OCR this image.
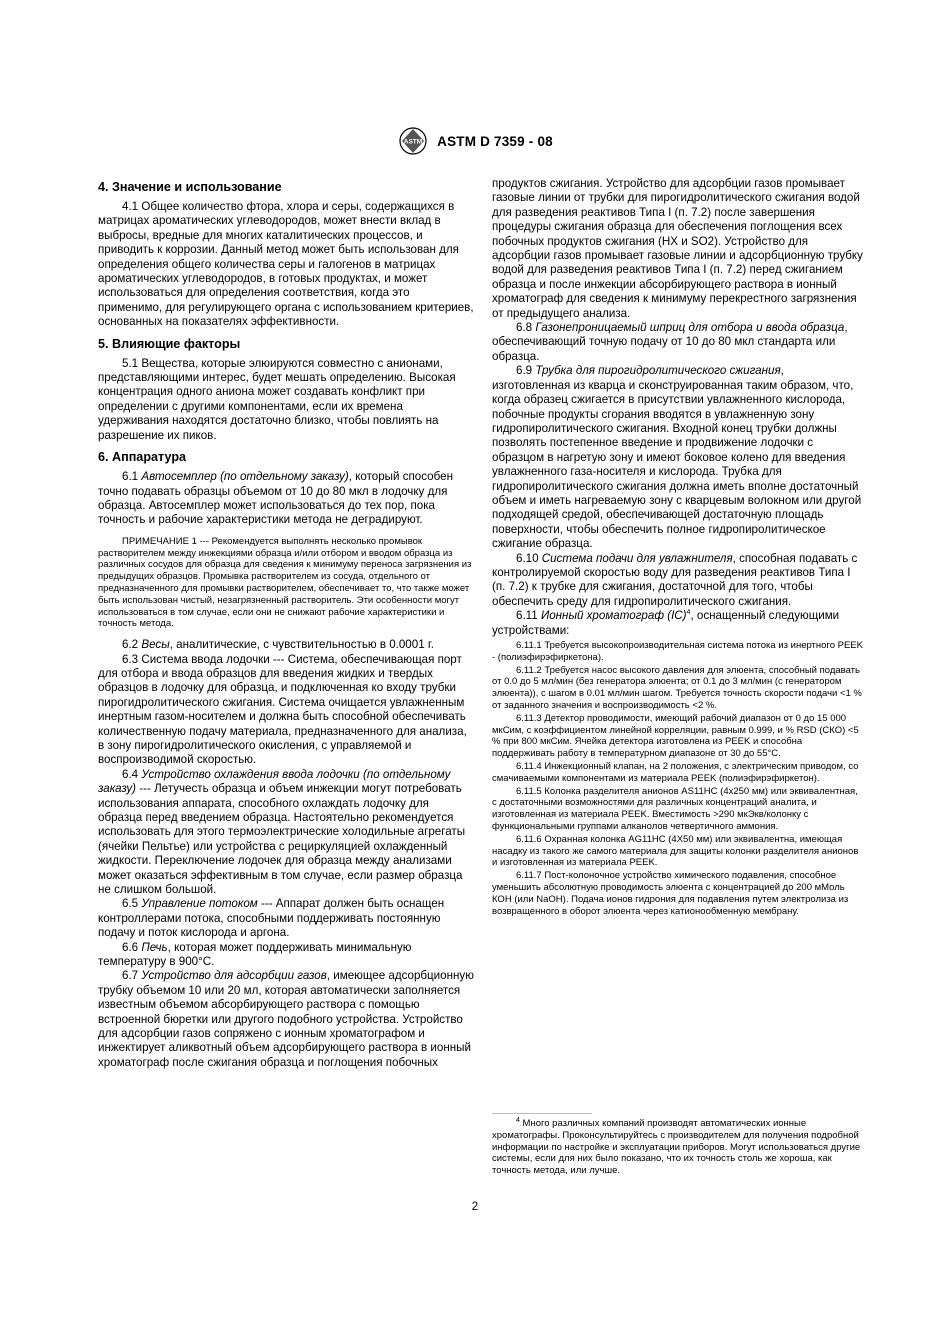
ASTM ASTM D 7359 - 08
4. Значение и использование

4.1 Общее количество фтора, хлора и серы, содержащихся в матрицах ароматических углеводородов, может внести вклад в выбросы, вредные для многих каталитических процессов, и приводить к коррозии. Данный метод может быть использован для определения общего количества серы и галогенов в матрицах ароматических углеводородов, в готовых продуктах, и может использоваться для определения соответствия, когда это применимо, для регулирующего органа с использованием критериев, основанных на показателях эффективности.

5. Влияющие факторы

5.1 Вещества, которые элюируются совместно с анионами, представляющими интерес, будет мешать определению. Высокая концентрация одного аниона может создавать конфликт при определении с другими компонентами, если их времена удерживания находятся достаточно близко, чтобы повлиять на разрешение их пиков.

6. Аппаратура

6.1 Автосемплер (по отдельному заказу), который способен точно подавать образцы объемом от 10 до 80 мкл в лодочку для образца. Автосемплер может использоваться до тех пор, пока точность и рабочие характеристики метода не деградируют.

ПРИМЕЧАНИЕ 1 --- Рекомендуется выполнять несколько промывок растворителем между инжекциями образца и/или отбором и вводом образца из различных сосудов для образца для сведения к минимуму переноса загрязнения из предыдущих образцов. Промывка растворителем из сосуда, отдельного от предназначенного для промывки растворителем, обеспечивает то, что также может быть использован чистый, незагрязненный растворитель. Эти особенности могут использоваться в том случае, если они не снижают рабочие характеристики и точность метода.

6.2 Весы, аналитические, с чувствительностью в 0.0001 г.

6.3 Система ввода лодочки --- Система, обеспечивающая порт для отбора и ввода образцов для введения жидких и твердых образцов в лодочку для образца, и подключенная ко входу трубки пирогидролитического сжигания. Система очищается увлажненным инертным газом-носителем и должна быть способной обеспечивать количественную подачу материала, предназначенного для анализа, в зону пирогидролитического окисления, с управляемой и воспроизводимой скоростью.

6.4 Устройство охлаждения ввода лодочки (по отдельному заказу) --- Летучесть образца и объем инжекции могут потребовать использования аппарата, способного охлаждать лодочку для образца перед введением образца. Настоятельно рекомендуется использовать для этого термоэлектрические холодильные агрегаты (ячейки Пельтье) или устройства с рециркуляцией охлажденный жидкости. Переключение лодочек для образца между анализами может оказаться эффективным в том случае, если размер образца не слишком большой.

6.5 Управление потоком --- Аппарат должен быть оснащен контроллерами потока, способными поддерживать постоянную подачу и поток кислорода и аргона.

6.6 Печь, которая может поддерживать минимальную температуру в 900°C.

6.7 Устройство для адсорбции газов, имеющее адсорбционную трубку объемом 10 или 20 мл, которая автоматически заполняется известным объемом абсорбирующего раствора с помощью встроенной бюретки или другого подобного устройства. Устройство для адсорбции газов сопряжено с ионным хроматографом и инжектирует аликвотный объем адсорбирующего раствора в ионный хроматограф после сжигания образца и поглощения побочных

продуктов сжигания. Устройство для адсорбции газов промывает газовые линии от трубки для пирогидролитического сжигания водой для разведения реактивов Типа I (п. 7.2) после завершения процедуры сжигания образца для обеспечения поглощения всех побочных продуктов сжигания (HX и SO2). Устройство для адсорбции газов промывает газовые линии и адсорбционную трубку водой для разведения реактивов Типа I (п. 7.2) перед сжиганием образца и после инжекции абсорбирующего раствора в ионный хроматограф для сведения к минимуму перекрестного загрязнения от предыдущего анализа.

6.8 Газонепроницаемый шприц для отбора и ввода образца, обеспечивающий точную подачу от 10 до 80 мкл стандарта или образца.

6.9 Трубка для пирогидролитического сжигания, изготовленная из кварца и сконструированная таким образом, что, когда образец сжигается в присутствии увлажненного кислорода, побочные продукты сгорания вводятся в увлажненную зону гидропиролитического сжигания. Входной конец трубки должны позволять постепенное введение и продвижение лодочки с образцом в нагретую зону и имеют боковое колено для введения увлажненного газа-носителя и кислорода. Трубка для гидропиролитического сжигания должна иметь вполне достаточный объем и иметь нагреваемую зону с кварцевым волокном или другой подходящей средой, обеспечивающей достаточную площадь поверхности, чтобы обеспечить полное гидропиролитическое сжигание образца.

6.10 Система подачи для увлажнителя, способная подавать с контролируемой скоростью воду для разведения реактивов Типа I (п. 7.2) к трубке для сжигания, достаточной для того, чтобы обеспечить среду для гидропиролитического сжигания.

6.11 Ионный хроматограф (IC)$^4$, оснащенный следующими устройствами:

6.11.1 Требуется высокопроизводительная система потока из инертного PEEK - (полиэфирэфиркетона).

6.11.2 Требуется насос высокого давления для элюента, способный подавать от 0.0 до 5 мл/мин (без генератора элюента; от 0.1 до 3 мл/мин (с генератором элюента)), с шагом в 0.01 мл/мин шагом. Требуется точность скорости подачи <1 % от заданного значения и воспроизводимость <2 %.

6.11.3 Детектор проводимости, имеющий рабочий диапазон от 0 до 15 000 мкСим, с коэффициентом линейной корреляции, равным 0.999, и % RSD (СКО) <5 % при 800 мкСим. Ячейка детектора изготовлена из PEEK и способна поддерживать работу в температурном диапазоне от 30 до 55°C.

6.11.4 Инжекционный клапан, на 2 положения, с электрическим приводом, со смачиваемыми компонентами из материала PEEK (полиэфирэфиркетон).

6.11.5 Колонка разделителя анионов AS11HC (4x250 мм) или эквивалентная, с достаточными возможностями для различных концентраций аналита, и изготовленная из материала PEEK. Вместимость >290 мкЭкв/колонку с функциональными группами алканолов четвертичного аммония.

6.11.6 Охранная колонка AG11HC (4X50 мм) или эквивалентна, имеющая насадку из такого же самого материала для защиты колонки разделителя анионов и изготовленная из материала PEEK.

6.11.7 Пост-колоночное устройство химического подавления, способное уменьшить абсолютную проводимость элюента с концентрацией до 200 мМоль КОН (или NaOH). Подача ионов гидрония для подавления путем электролиза из возвращенного в оборот элюента через катионообменную мембрану.

$^4$ Много различных компаний производят автоматических ионные хроматографы. Проконсультируйтесь с производителем для получения подробной информации по настройке и эксплуатации приборов. Могут использоваться другие системы, если для них было показано, что их точность столь же хороша, как точность метода, или лучше.

2
